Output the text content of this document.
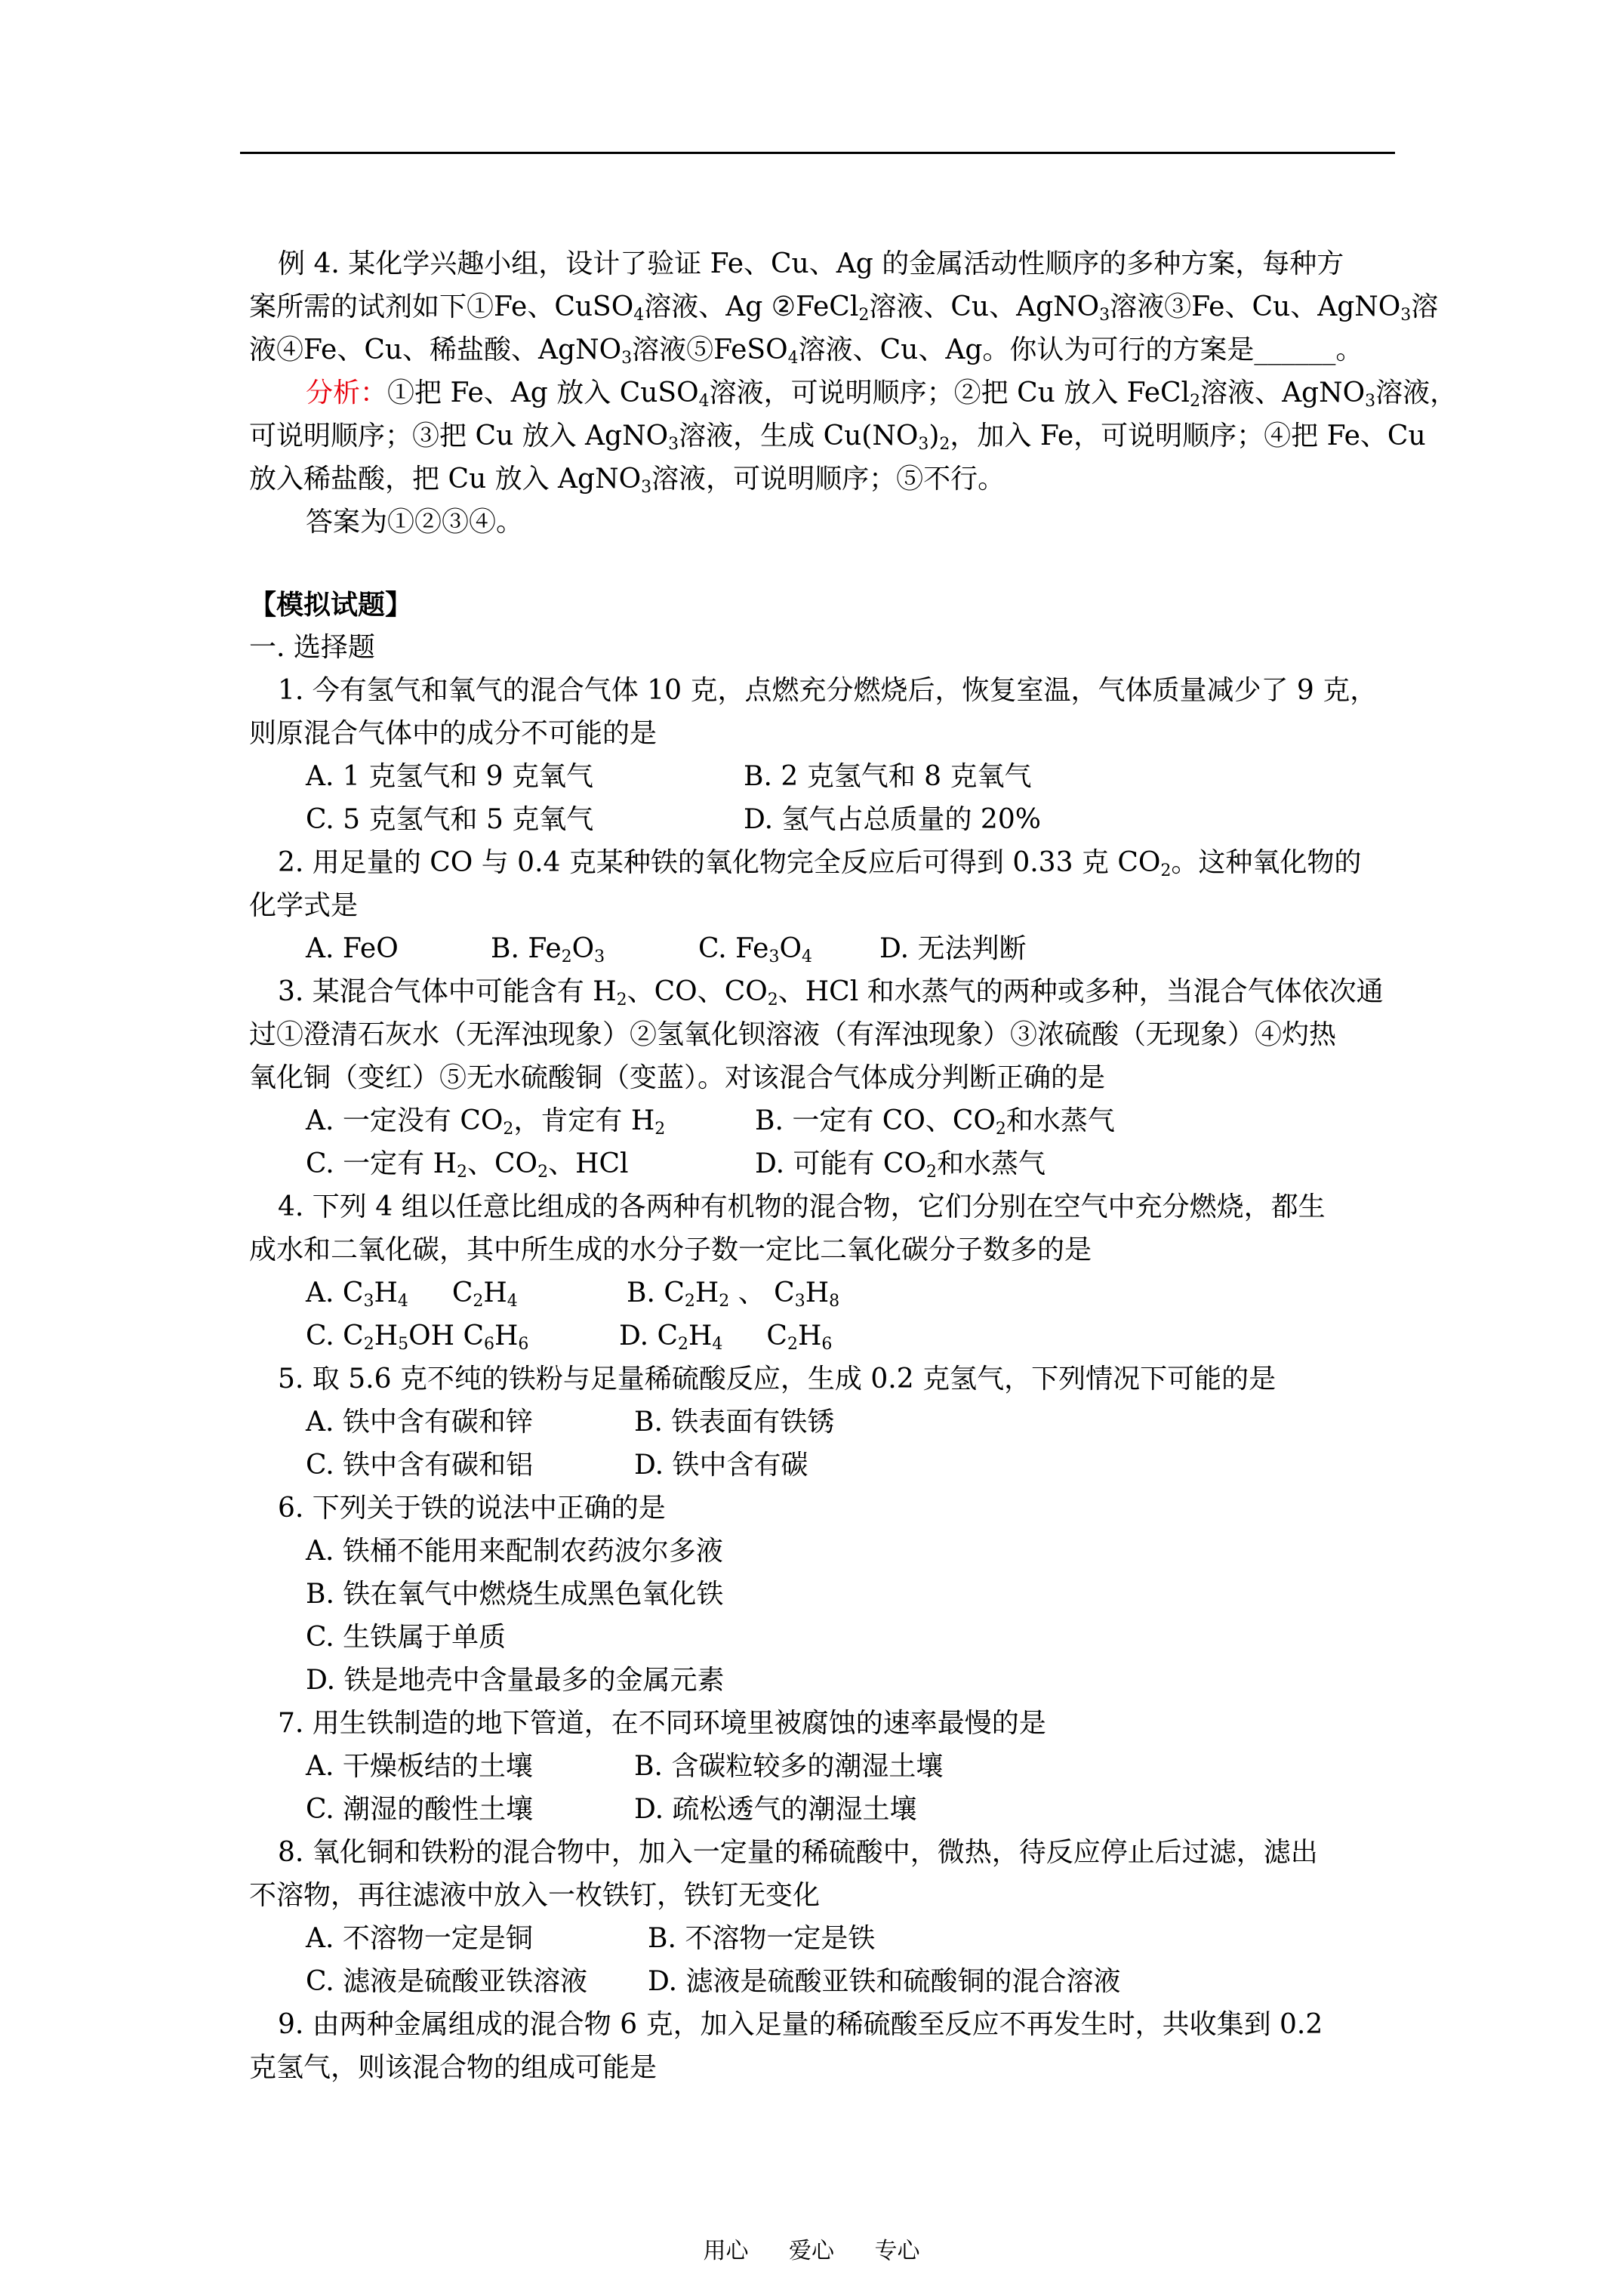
例 4. 某化学兴趣小组，设计了验证 Fe、Cu、Ag 的金属活动性顺序的多种方案，每种方
案所需的试剂如下①Fe、CuSO$_4$溶液、Ag ②FeCl$_2$溶液、Cu、AgNO$_3$溶液③Fe、Cu、AgNO$_3$溶
液④Fe、Cu、稀盐酸、AgNO$_3$溶液⑤FeSO$_4$溶液、Cu、Ag。你认为可行的方案是______。
分析：①把 Fe、Ag 放入 CuSO$_4$溶液，可说明顺序；②把 Cu 放入 FeCl$_2$溶液、AgNO$_3$溶液，
可说明顺序；③把 Cu 放入 AgNO$_3$溶液，生成 $Cu(NO_3)_2$，加入 Fe，可说明顺序；④把 Fe、Cu
放入稀盐酸，把 Cu 放入 AgNO$_3$溶液，可说明顺序；⑤不行。
答案为①②③④。
【模拟试题】
一. 选择题
1. 今有氢气和氧气的混合气体 10 克，点燃充分燃烧后，恢复室温，气体质量减少了 9 克，
则原混合气体中的成分不可能的是
A. 1 克氢气和 9 克氧气	B. 2 克氢气和 8 克氧气
C. 5 克氢气和 5 克氧气	D. 氢气占总质量的 20%
2. 用足量的 CO 与 0.4 克某种铁的氧化物完全反应后可得到 0.33 克 $CO_2$。这种氧化物的
化学式是
A. FeO	B. $Fe_2O_3$	C. $Fe_3O_4$ D. 无法判断
3. 某混合气体中可能含有 $H_2$、CO、$CO_2$、HCl 和水蒸气的两种或多种，当混合气体依次通
过①澄清石灰水（无浑浊现象）②氢氧化钡溶液（有浑浊现象）③浓硫酸（无现象）④灼热
氧化铜（变红）⑤无水硫酸铜（变蓝）。对该混合气体成分判断正确的是
A. 一定没有 $CO_2$，肯定有 $H_2$	B. 一定有 CO、$CO_2$和水蒸气
C. 一定有 $H_2$、$CO_2$、HCl	D. 可能有 $CO_2$和水蒸气
4. 下列 4 组以任意比组成的各两种有机物的混合物，它们分别在空气中充分燃烧，都生
成水和二氧化碳，其中所生成的水分子数一定比二氧化碳分子数多的是
A. $C_3H_4$ $C_2H_4$	B. $C_2H_2$ 、 $C_3H_8$
C. $C_2H_5OH$ $C_6H_6$	D. $C_2H_4$ $C_2H_6$
5. 取 5.6 克不纯的铁粉与足量稀硫酸反应，生成 0.2 克氢气，下列情况下可能的是
A. 铁中含有碳和锌	B. 铁表面有铁锈
C. 铁中含有碳和铝	D. 铁中含有碳
6. 下列关于铁的说法中正确的是
A. 铁桶不能用来配制农药波尔多液
B. 铁在氧气中燃烧生成黑色氧化铁
C. 生铁属于单质
D. 铁是地壳中含量最多的金属元素
7. 用生铁制造的地下管道，在不同环境里被腐蚀的速率最慢的是
A. 干燥板结的土壤	B. 含碳粒较多的潮湿土壤
C. 潮湿的酸性土壤	D. 疏松透气的潮湿土壤
8. 氧化铜和铁粉的混合物中，加入一定量的稀硫酸中，微热，待反应停止后过滤，滤出
不溶物，再往滤液中放入一枚铁钉，铁钉无变化
A. 不溶物一定是铜	B. 不溶物一定是铁
C. 滤液是硫酸亚铁溶液 D. 滤液是硫酸亚铁和硫酸铜的混合溶液
9. 由两种金属组成的混合物 6 克，加入足量的稀硫酸至反应不再发生时，共收集到 0.2
克氢气，则该混合物的组成可能是
用心 爱心 专心
